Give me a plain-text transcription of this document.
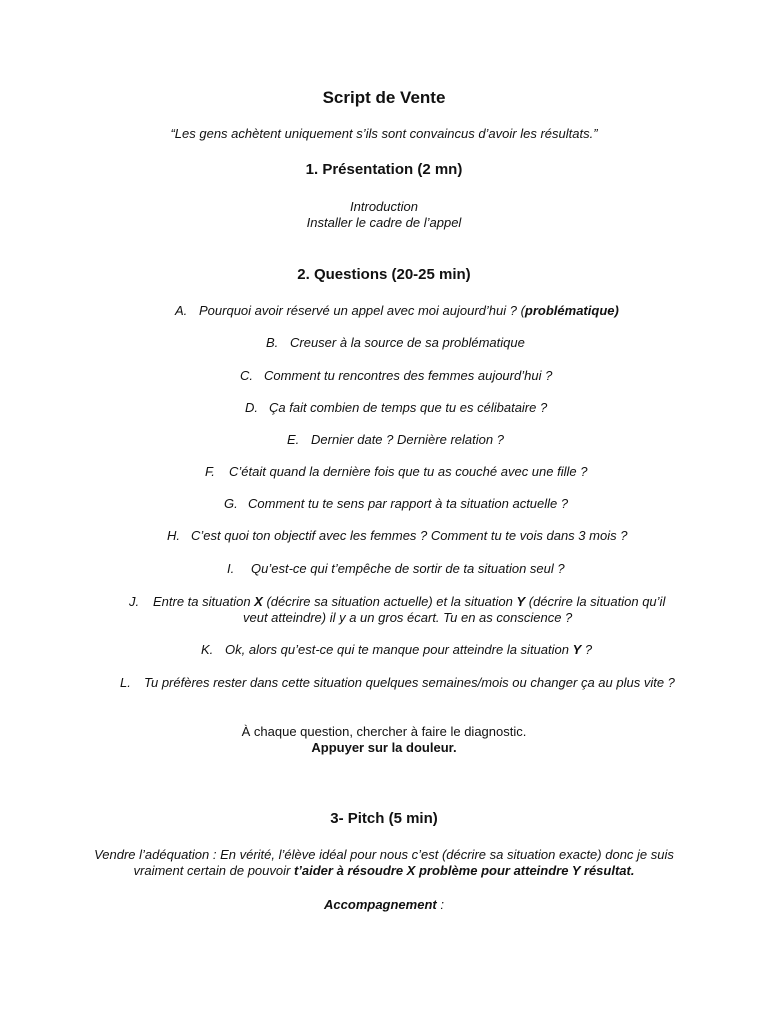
Script de Vente
“Les gens achètent uniquement s’ils sont convaincus d’avoir les résultats.”
1. Présentation (2 mn)
Introduction
Installer le cadre de l’appel
2. Questions (20-25 min)
A. Pourquoi avoir réservé un appel avec moi aujourd’hui ? (problématique)
B. Creuser à la source de sa problématique
C. Comment tu rencontres des femmes aujourd’hui ?
D. Ça fait combien de temps que tu es célibataire ?
E. Dernier date ? Dernière relation ?
F. C’était quand la dernière fois que tu as couché avec une fille ?
G. Comment tu te sens par rapport à ta situation actuelle ?
H. C’est quoi ton objectif avec les femmes ? Comment tu te vois dans 3 mois ?
I. Qu’est-ce qui t’empêche de sortir de ta situation seul ?
J. Entre ta situation X (décrire sa situation actuelle) et la situation Y (décrire la situation qu’il
veut atteindre) il y a un gros écart. Tu en as conscience ?
K. Ok, alors qu’est-ce qui te manque pour atteindre la situation Y ?
L. Tu préfères rester dans cette situation quelques semaines/mois ou changer ça au plus vite ?
À chaque question, chercher à faire le diagnostic.
Appuyer sur la douleur.
3- Pitch (5 min)
Vendre l’adéquation : En vérité, l’élève idéal pour nous c’est (décrire sa situation exacte) donc je suis
vraiment certain de pouvoir t’aider à résoudre X problème pour atteindre Y résultat.
Accompagnement :
